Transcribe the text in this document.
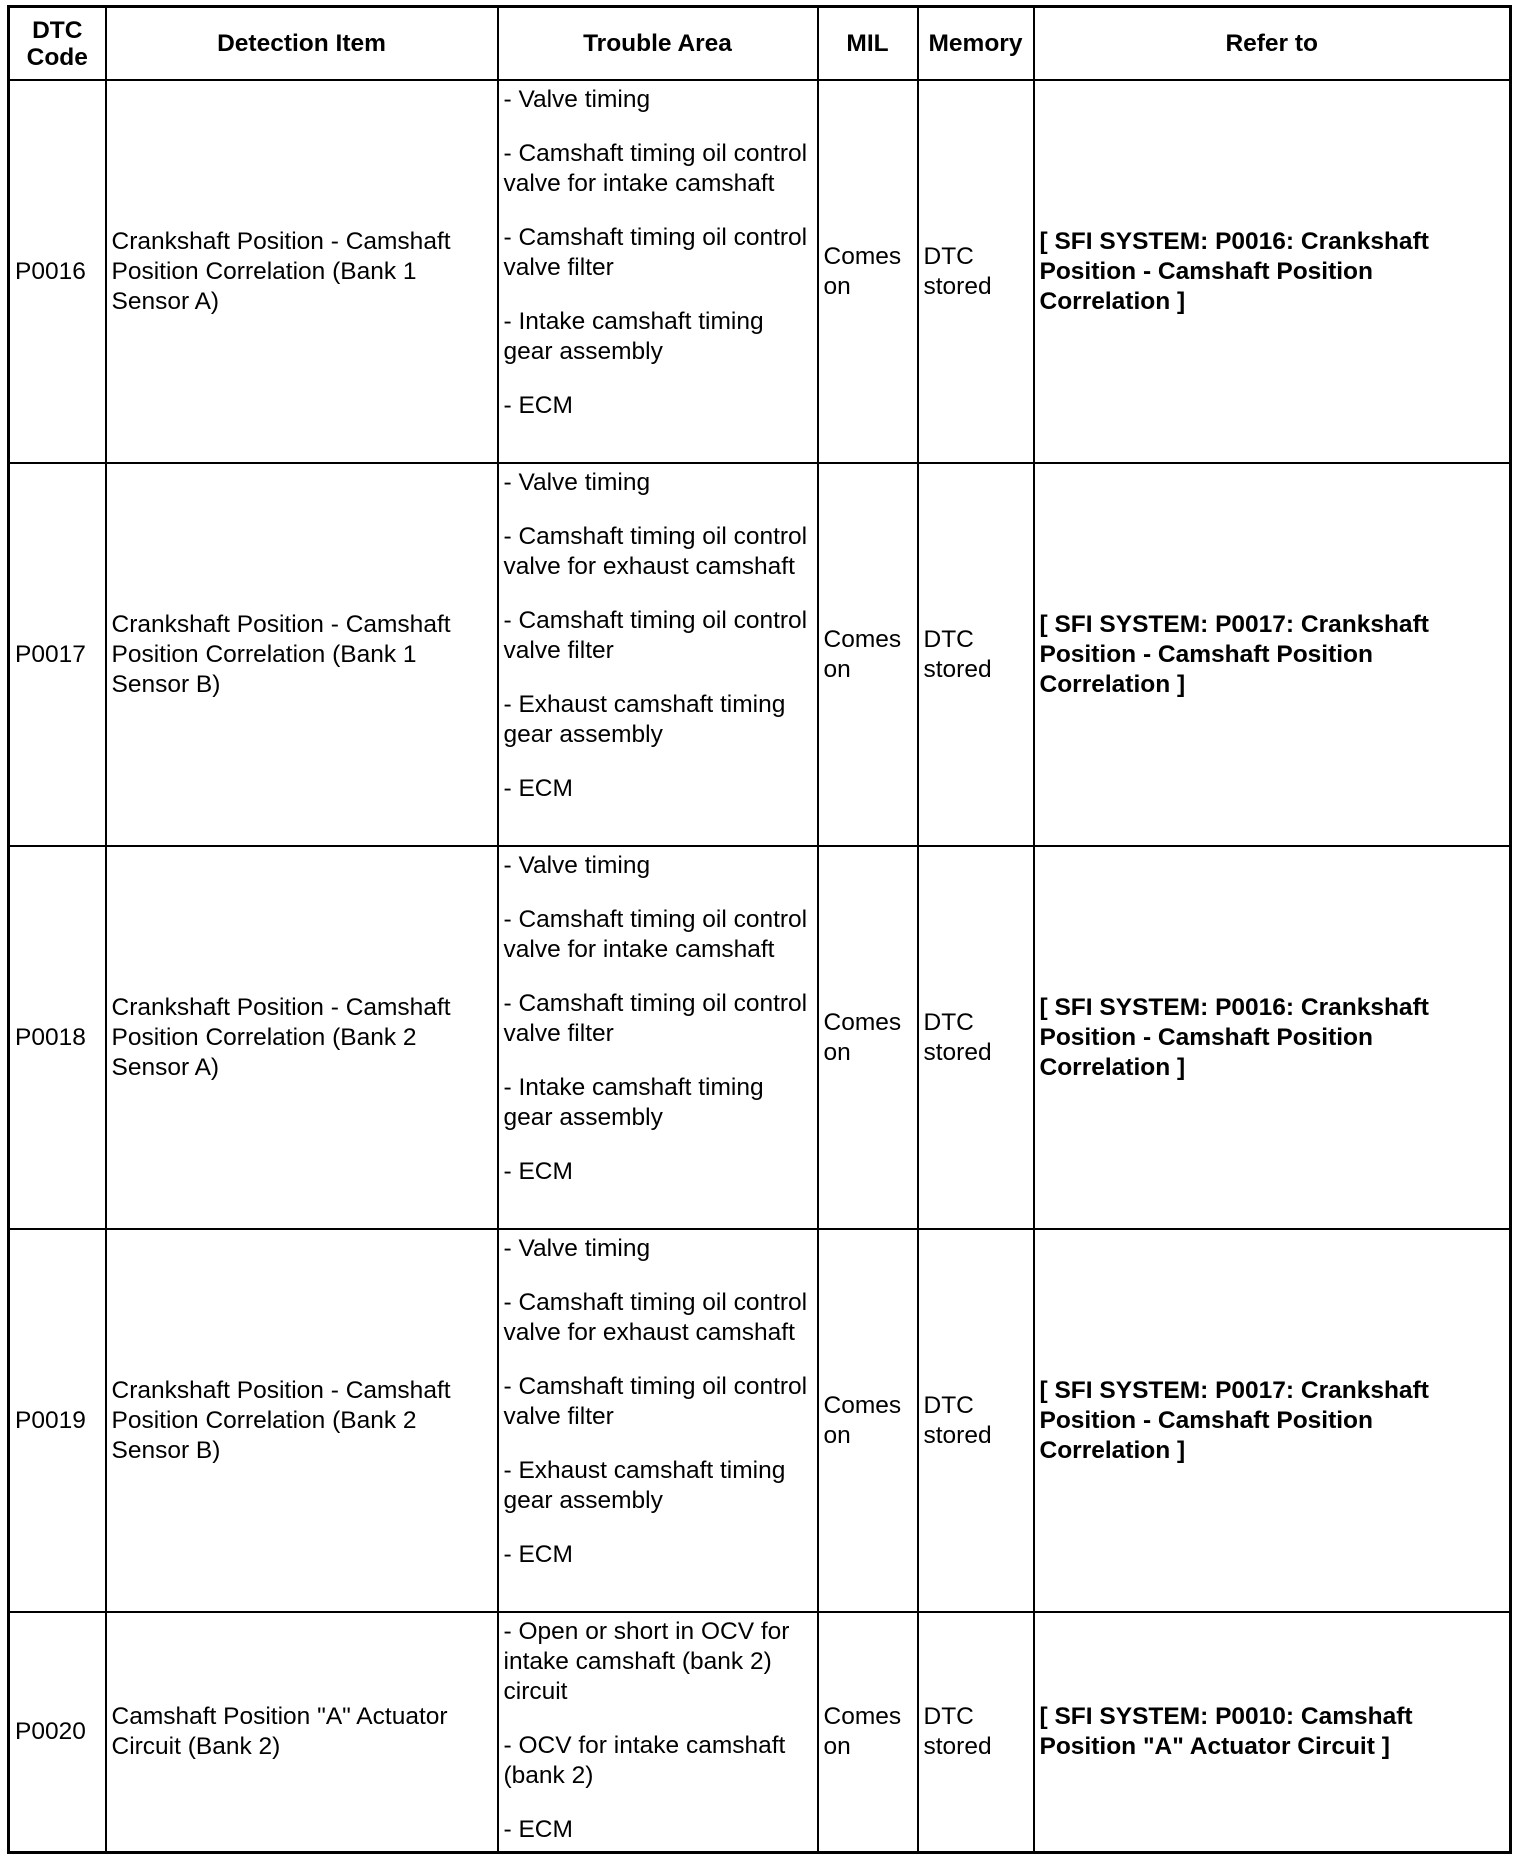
DTC
Code	Detection Item	Trouble Area	MIL	Memory	Refer to
P0016	Crankshaft Position - Camshaft Position Correlation (Bank 1 Sensor A)	- Valve timing
- Camshaft timing oil control valve for intake camshaft
- Camshaft timing oil control valve filter
- Intake camshaft timing gear assembly
- ECM	Comes on	DTC stored	[ SFI SYSTEM: P0016: Crankshaft Position - Camshaft Position Correlation ]
P0017	Crankshaft Position - Camshaft Position Correlation (Bank 1 Sensor B)	- Valve timing
- Camshaft timing oil control valve for exhaust camshaft
- Camshaft timing oil control valve filter
- Exhaust camshaft timing gear assembly
- ECM	Comes on	DTC stored	[ SFI SYSTEM: P0017: Crankshaft Position - Camshaft Position Correlation ]
P0018	Crankshaft Position - Camshaft Position Correlation (Bank 2 Sensor A)	- Valve timing
- Camshaft timing oil control valve for intake camshaft
- Camshaft timing oil control valve filter
- Intake camshaft timing gear assembly
- ECM	Comes on	DTC stored	[ SFI SYSTEM: P0016: Crankshaft Position - Camshaft Position Correlation ]
P0019	Crankshaft Position - Camshaft Position Correlation (Bank 2 Sensor B)	- Valve timing
- Camshaft timing oil control valve for exhaust camshaft
- Camshaft timing oil control valve filter
- Exhaust camshaft timing gear assembly
- ECM	Comes on	DTC stored	[ SFI SYSTEM: P0017: Crankshaft Position - Camshaft Position Correlation ]
P0020	Camshaft Position "A" Actuator Circuit (Bank 2)	- Open or short in OCV for intake camshaft (bank 2) circuit
- OCV for intake camshaft (bank 2)
- ECM	Comes on	DTC stored	[ SFI SYSTEM: P0010: Camshaft Position "A" Actuator Circuit ]
